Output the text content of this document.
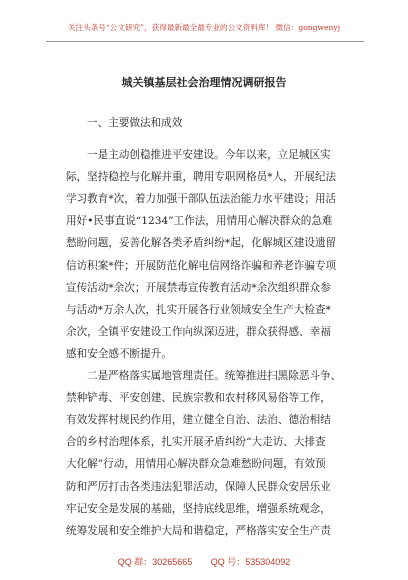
关注头条号“公文研究”，获得最新最全最专业的公文资料库！ 微信：gongwenyj
城关镇基层社会治理情况调研报告
一、主要做法和成效
一是主动创稳推进平安建设。今年以来，立足城区实
际，坚持稳控与化解并重，聘用专职网格员*人，开展纪法
学习教育*次，着力加强干部队伍法治能力水平建设；用活
用好•民事直说“1234”工作法，用情用心解决群众的急难
愁盼问题，妥善化解各类矛盾纠纷*起，化解城区建设遗留
信访积案*件；开展防范化解电信网络诈骗和养老诈骗专项
宣传活动*余次；开展禁毒宣传教育活动*余次组织群众参
与活动*万余人次，扎实开展各行业领域安全生产大检查*
余次，全镇平安建设工作向纵深迈进，群众获得感、幸福
感和安全感不断提升。
二是严格落实属地管理责任。统筹推进扫黑除恶斗争、
禁种铲毒、平安创建、民族宗教和农村移风易俗等工作，
有效发挥村规民约作用，建立健全自治、法治、德治相结
合的乡村治理体系，扎实开展矛盾纠纷“大走访、大排查
大化解”行动，用情用心解决群众急难愁盼问题，有效预
防和严厉打击各类违法犯罪活动，保障人民群众安居乐业
牢记安全是发展的基础，坚持底线思维，增强系统观念，
统筹发展和安全维护大局和谐稳定，严格落实安全生产责
QQ 群：30265665 QQ 号：535304092
